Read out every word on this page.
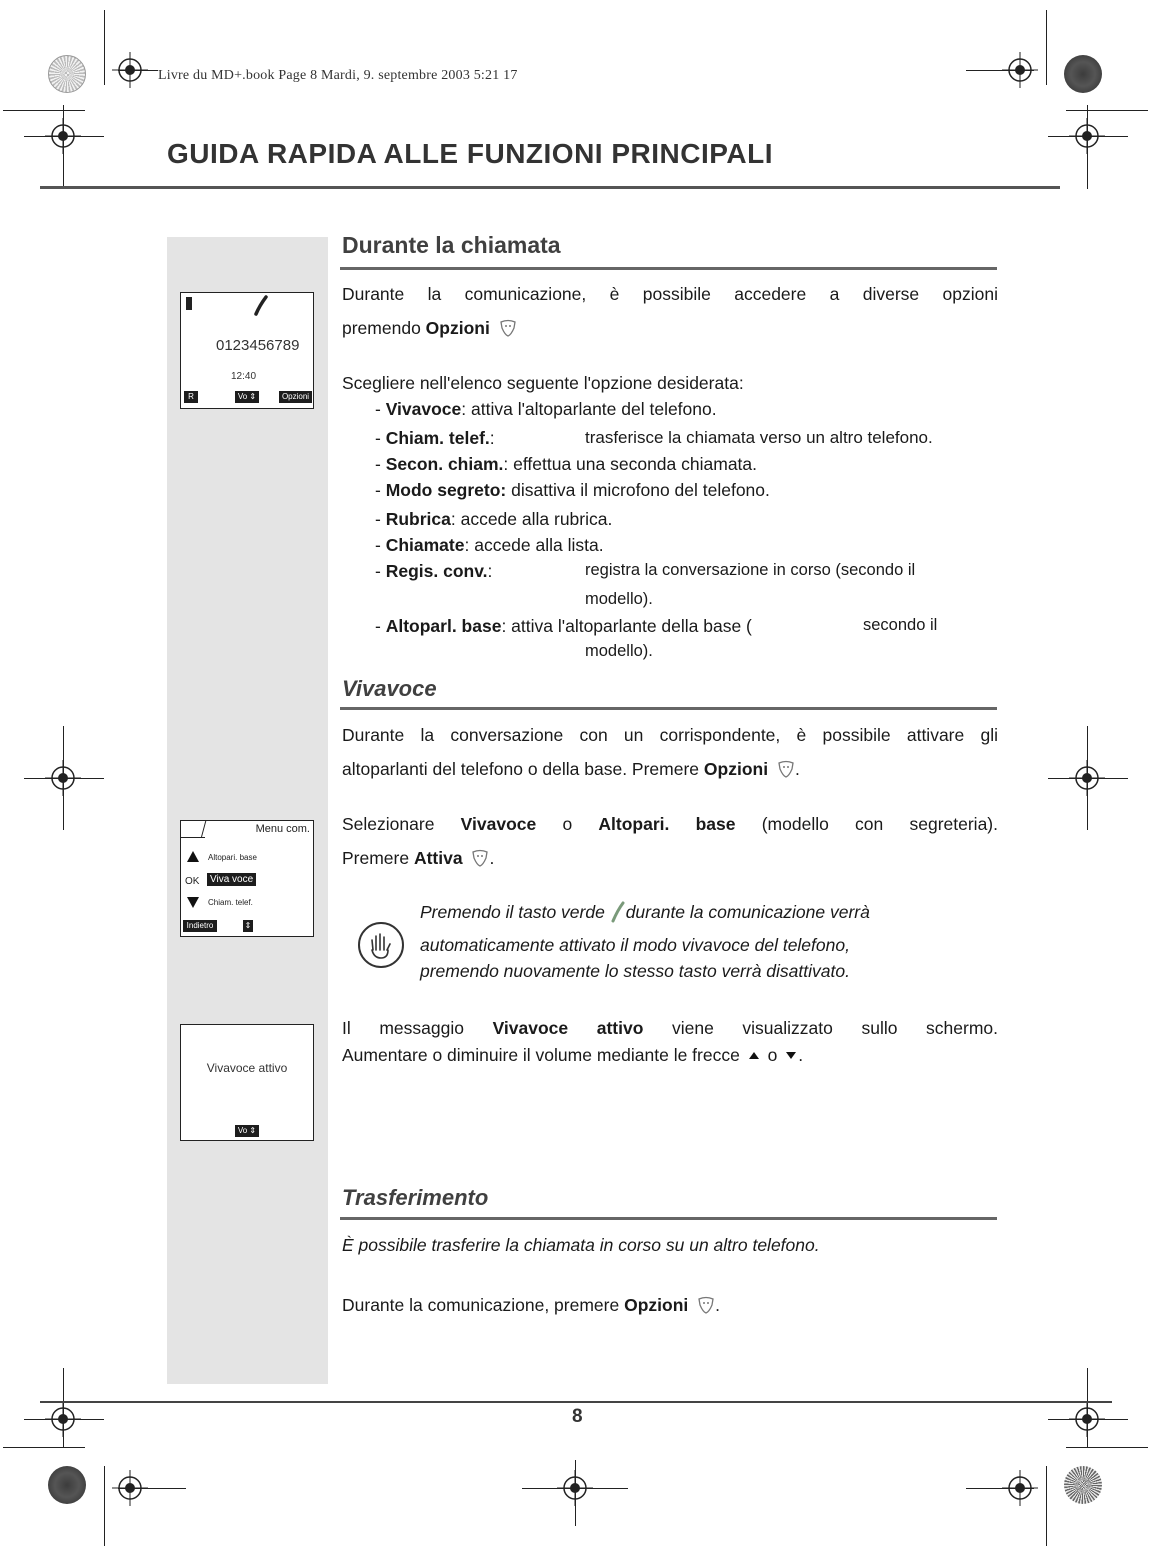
Livre du MD+.book Page 8 Mardi, 9. septembre 2003 5:21 17
GUIDA RAPIDA ALLE FUNZIONI PRINCIPALI
0123456789
12:40
R	Vo ⇕	Opzioni
Menu com.
Altopari. base
OK	Viva voce
Chiam. telef.
Indietro	⇕
Vivavoce attivo
Vo ⇕
Durante la chiamata
Durante la comunicazione, è possibile accedere a diverse opzioni
premendo Opzioni
Scegliere nell'elenco seguente l'opzione desiderata:
- Vivavoce: attiva l'altoparlante del telefono.
- Chiam. telef.:	trasferisce la chiamata verso un altro telefono.
- Secon. chiam.: effettua una seconda chiamata.
- Modo segreto: disattiva il microfono del telefono.
- Rubrica: accede alla rubrica.
- Chiamate: accede alla lista.
- Regis. conv.:	registra la conversazione in corso (secondo il
modello).
- Altoparl. base: attiva l'altoparlante della base (	secondo il
modello).
Vivavoce
Durante la conversazione con un corrispondente, è possibile attivare gli
altoparlanti del telefono o della base. Premere Opzioni .
Selezionare Vivavoce o Altopari. base (modello con segreteria).
Premere Attiva .
Premendo il tasto verde durante la comunicazione verrà
automaticamente attivato il modo vivavoce del telefono,
premendo nuovamente lo stesso tasto verrà disattivato.
Il messaggio Vivavoce attivo viene visualizzato sullo schermo.
Aumentare o diminuire il volume mediante le frecce o .
Trasferimento
È possibile trasferire la chiamata in corso su un altro telefono.
Durante la comunicazione, premere Opzioni .
8
